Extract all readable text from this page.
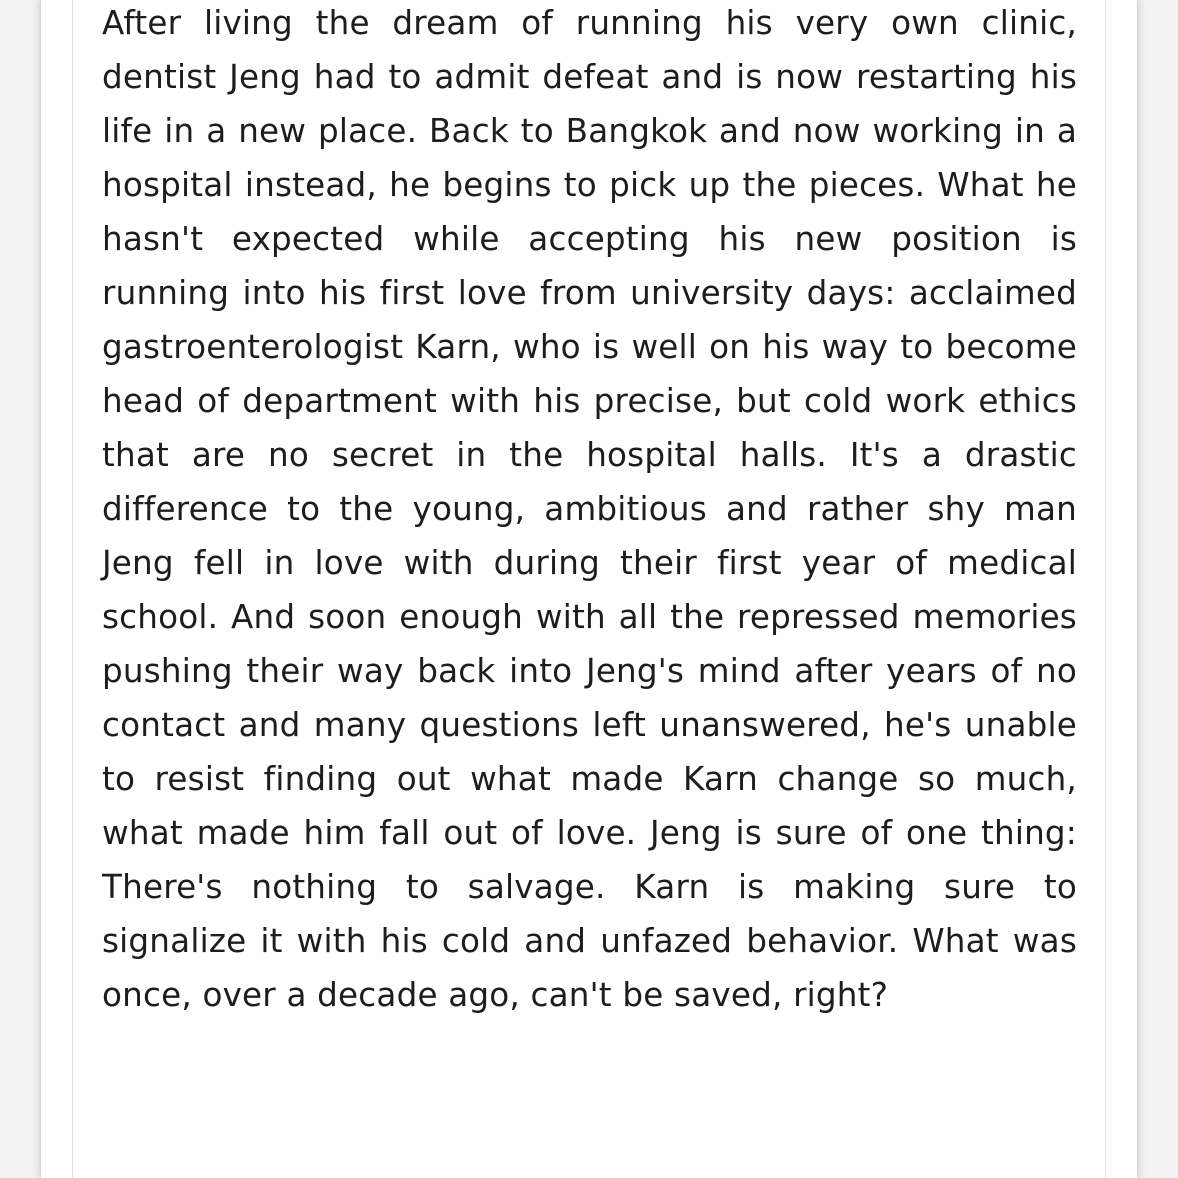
After living the dream of running his very own clinic, dentist Jeng had to admit defeat and is now restarting his life in a new place. Back to Bangkok and now working in a hospital instead, he begins to pick up the pieces. What he hasn't expected while accepting his new position is running into his first love from university days: acclaimed gastroenterologist Karn, who is well on his way to become head of department with his precise, but cold work ethics that are no secret in the hospital halls. It's a drastic difference to the young, ambitious and rather shy man Jeng fell in love with during their first year of medical school. And soon enough with all the repressed memories pushing their way back into Jeng's mind after years of no contact and many questions left unanswered, he's unable to resist finding out what made Karn change so much, what made him fall out of love. Jeng is sure of one thing: There's nothing to salvage. Karn is making sure to signalize it with his cold and unfazed behavior. What was once, over a decade ago, can't be saved, right?
